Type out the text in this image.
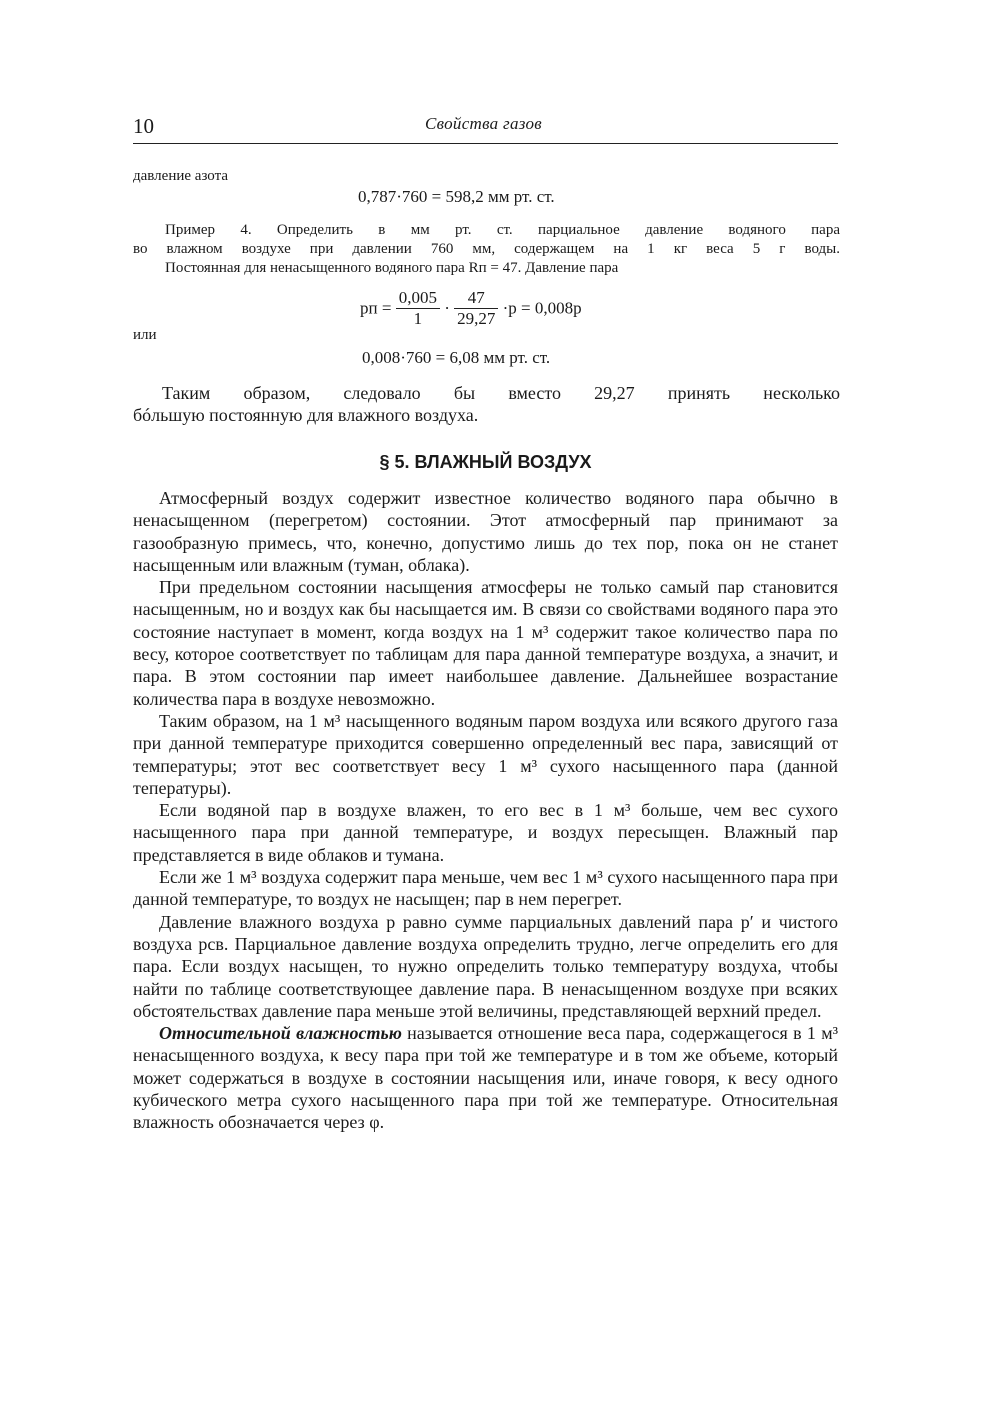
10	Свойства газов
давление азота
0,787·760 = 598,2 мм рт. ст.
Пример 4. Определить в мм рт. ст. парциальное давление водяного пара
во влажном воздухе при давлении 760 мм, содержащем на 1 кг веса 5 г воды.
Постоянная для ненасыщенного водяного пара Rп = 47. Давление пара
pп = $\frac{0,005}{1} \cdot \frac{47}{29,27} \cdot p = 0,008p$
или
0,008·760 = 6,08 мм рт. ст.
Таким образом, следовало бы вместо 29,27 принять несколько
бóльшую постоянную для влажного воздуха.
§ 5. ВЛАЖНЫЙ ВОЗДУХ

Атмосферный воздух содержит известное количество водяного пара обычно в ненасыщенном (перегретом) состоянии. Этот атмосферный пар принимают за газообразную примесь, что, конечно, допустимо лишь до тех пор, пока он не станет насыщенным или влажным (туман, облака).

При предельном состоянии насыщения атмосферы не только самый пар становится насыщенным, но и воздух как бы насыщается им. В связи со свойствами водяного пара это состояние наступает в момент, когда воздух на 1 м³ содержит такое количество пара по весу, которое соответствует по таблицам для пара данной температуре воздуха, а значит, и пара. В этом состоянии пар имеет наибольшее давление. Дальнейшее возрастание количества пара в воздухе невозможно.

Таким образом, на 1 м³ насыщенного водяным паром воздуха или всякого другого газа при данной температуре приходится совершенно определенный вес пара, зависящий от температуры; этот вес соответствует весу 1 м³ сухого насыщенного пара (данной тепературы).

Если водяной пар в воздухе влажен, то его вес в 1 м³ больше, чем вес сухого насыщенного пара при данной температуре, и воздух пересыщен. Влажный пар представляется в виде облаков и тумана.

Если же 1 м³ воздуха содержит пара меньше, чем вес 1 м³ сухого насыщенного пара при данной температуре, то воздух не насыщен; пар в нем перегрет.

Давление влажного воздуха p равно сумме парциальных давлений пара p′ и чистого воздуха pсв. Парциальное давление воздуха определить трудно, легче определить его для пара. Если воздух насыщен, то нужно определить только температуру воздуха, чтобы найти по таблице соответствующее давление пара. В ненасыщенном воздухе при всяких обстоятельствах давление пара меньше этой величины, представляющей верхний предел.

Относительной влажностью называется отношение веса пара, содержащегося в 1 м³ ненасыщенного воздуха, к весу пара при той же температуре и в том же объеме, который может содержаться в воздухе в состоянии насыщения или, иначе говоря, к весу одного кубического метра сухого насыщенного пара при той же температуре. Относительная влажность обозначается через φ.
